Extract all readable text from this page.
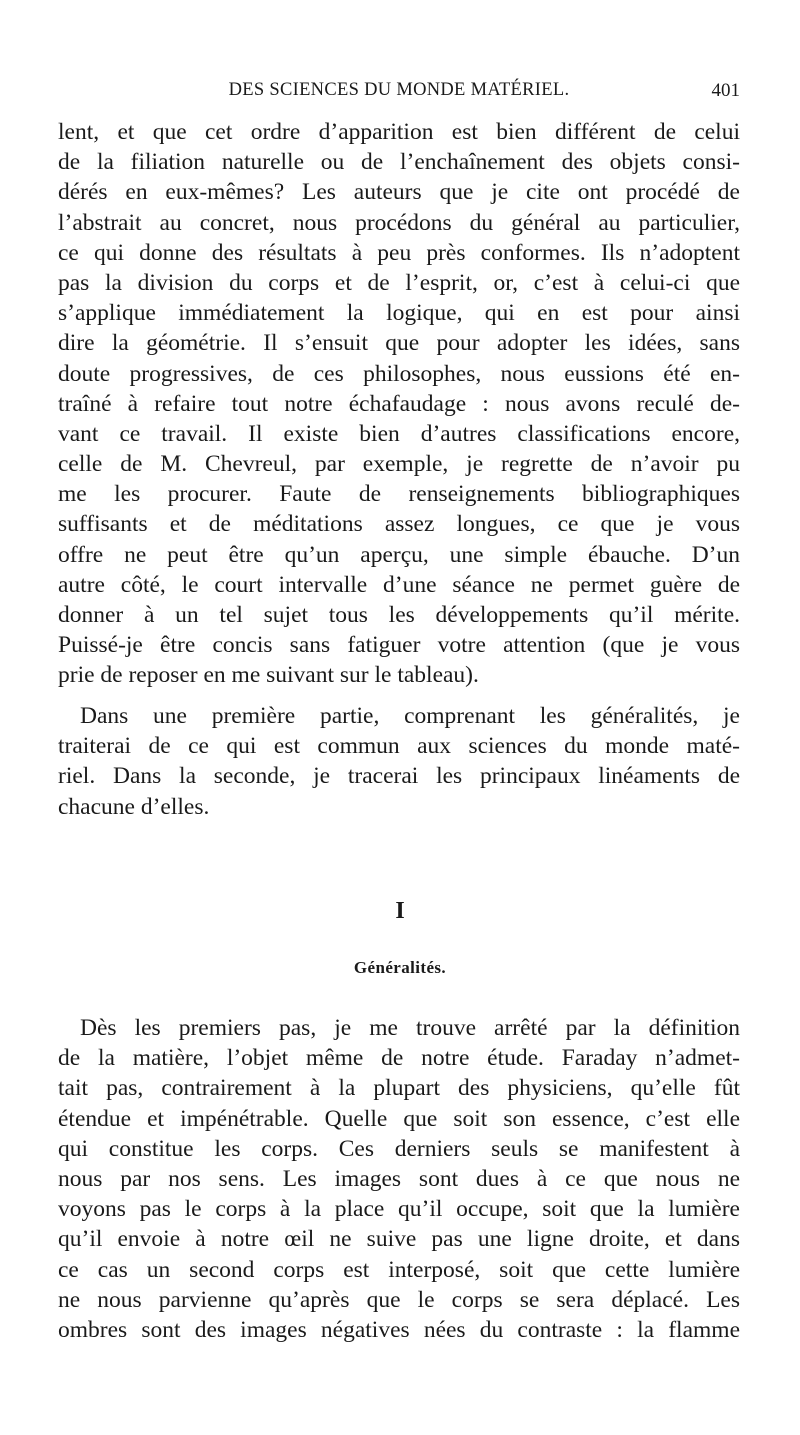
DES SCIENCES DU MONDE MATÉRIEL.	401
lent, et que cet ordre d’apparition est bien différent de celui
de la filiation naturelle ou de l’enchaînement des objets consi-
dérés en eux-mêmes? Les auteurs que je cite ont procédé de
l’abstrait au concret, nous procédons du général au particulier,
ce qui donne des résultats à peu près conformes. Ils n’adoptent
pas la division du corps et de l’esprit, or, c’est à celui-ci que
s’applique immédiatement la logique, qui en est pour ainsi
dire la géométrie. Il s’ensuit que pour adopter les idées, sans
doute progressives, de ces philosophes, nous eussions été en-
traîné à refaire tout notre échafaudage : nous avons reculé de-
vant ce travail. Il existe bien d’autres classifications encore,
celle de M. Chevreul, par exemple, je regrette de n’avoir pu
me les procurer. Faute de renseignements bibliographiques
suffisants et de méditations assez longues, ce que je vous
offre ne peut être qu’un aperçu, une simple ébauche. D’un
autre côté, le court intervalle d’une séance ne permet guère de
donner à un tel sujet tous les développements qu’il mérite.
Puissé-je être concis sans fatiguer votre attention (que je vous
prie de reposer en me suivant sur le tableau).
Dans une première partie, comprenant les généralités, je
traiterai de ce qui est commun aux sciences du monde maté-
riel. Dans la seconde, je tracerai les principaux linéaments de
chacune d’elles.
I
Généralités.
Dès les premiers pas, je me trouve arrêté par la définition
de la matière, l’objet même de notre étude. Faraday n’admet-
tait pas, contrairement à la plupart des physiciens, qu’elle fût
étendue et impénétrable. Quelle que soit son essence, c’est elle
qui constitue les corps. Ces derniers seuls se manifestent à
nous par nos sens. Les images sont dues à ce que nous ne
voyons pas le corps à la place qu’il occupe, soit que la lumière
qu’il envoie à notre œil ne suive pas une ligne droite, et dans
ce cas un second corps est interposé, soit que cette lumière
ne nous parvienne qu’après que le corps se sera déplacé. Les
ombres sont des images négatives nées du contraste : la flamme
